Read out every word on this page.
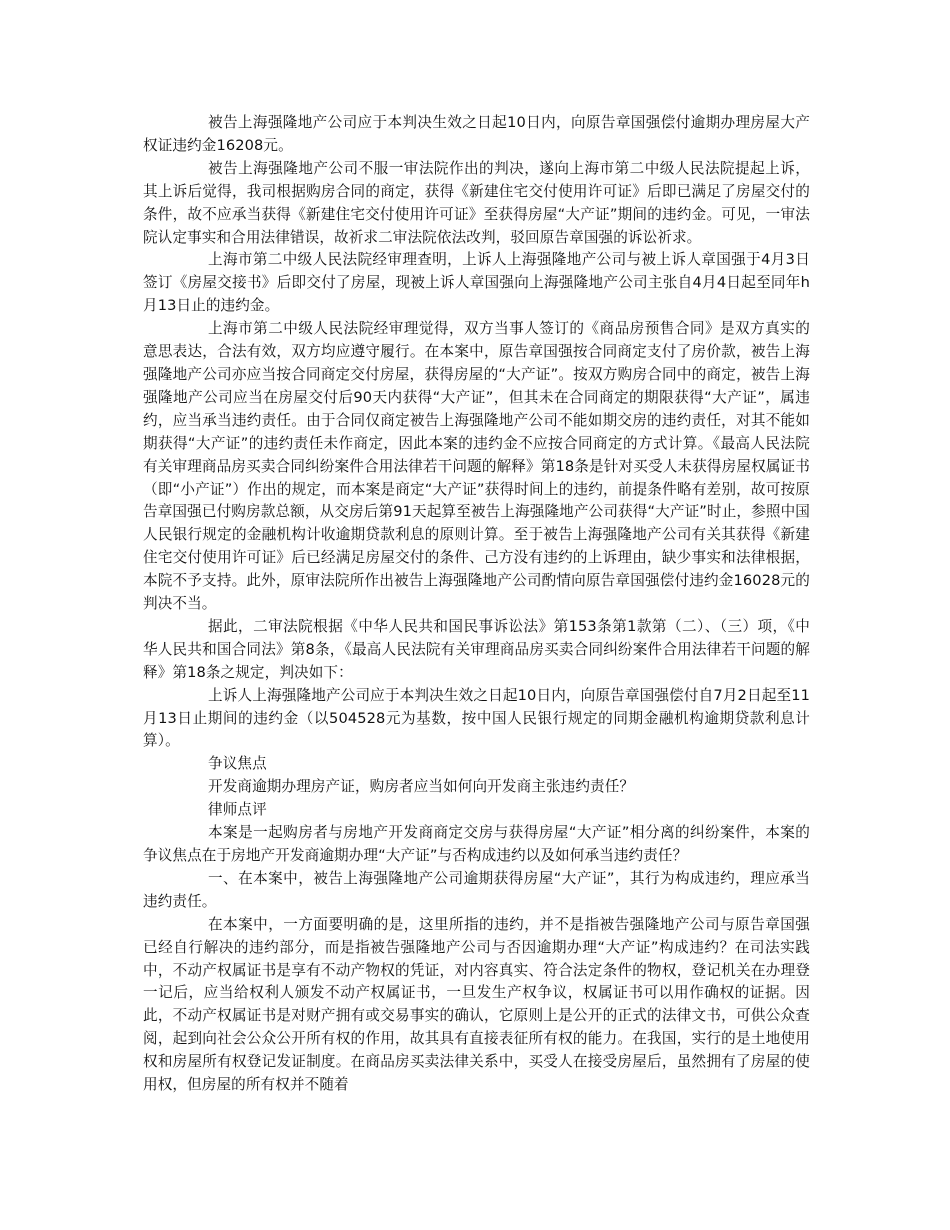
被告上海强隆地产公司应于本判决生效之日起10日内，向原告章国强偿付逾期办理房屋大产权证违约金16208元。

被告上海强隆地产公司不服一审法院作出的判决，遂向上海市第二中级人民法院提起上诉，其上诉后觉得，我司根据购房合同的商定，获得《新建住宅交付使用许可证》后即已满足了房屋交付的条件，故不应承当获得《新建住宅交付使用许可证》至获得房屋“大产证”期间的违约金。可见，一审法院认定事实和合用法律错误，故祈求二审法院依法改判，驳回原告章国强的诉讼祈求。

上海市第二中级人民法院经审理查明，上诉人上海强隆地产公司与被上诉人章国强于4月3日签订《房屋交接书》后即交付了房屋，现被上诉人章国强向上海强隆地产公司主张自4月4日起至同年h月13日止的违约金。

上海市第二中级人民法院经审理觉得，双方当事人签订的《商品房预售合同》是双方真实的意思表达，合法有效，双方均应遵守履行。在本案中，原告章国强按合同商定支付了房价款，被告上海强隆地产公司亦应当按合同商定交付房屋，获得房屋的“大产证”。按双方购房合同中的商定，被告上海强隆地产公司应当在房屋交付后90天内获得“大产证”，但其未在合同商定的期限获得“大产证”，属违约，应当承当违约责任。由于合同仅商定被告上海强隆地产公司不能如期交房的违约责任，对其不能如期获得“大产证”的违约责任未作商定，因此本案的违约金不应按合同商定的方式计算。《最高人民法院有关审理商品房买卖合同纠纷案件合用法律若干问题的解释》第18条是针对买受人未获得房屋权属证书（即“小产证”）作出的规定，而本案是商定“大产证”获得时间上的违约，前提条件略有差别，故可按原告章国强已付购房款总额，从交房后第91天起算至被告上海强隆地产公司获得“大产证”时止，参照中国人民银行规定的金融机构计收逾期贷款利息的原则计算。至于被告上海强隆地产公司有关其获得《新建住宅交付使用许可证》后已经满足房屋交付的条件、己方没有违约的上诉理由，缺少事实和法律根据，本院不予支持。此外，原审法院所作出被告上海强隆地产公司酌情向原告章国强偿付违约金16028元的判决不当。

据此，二审法院根据《中华人民共和国民事诉讼法》第153条第1款第（二）、（三）项，《中华人民共和国合同法》第8条，《最高人民法院有关审理商品房买卖合同纠纷案件合用法律若干问题的解释》第18条之规定，判决如下：

上诉人上海强隆地产公司应于本判决生效之日起10日内，向原告章国强偿付自7月2日起至11月13日止期间的违约金（以504528元为基数，按中国人民银行规定的同期金融机构逾期贷款利息计算）。

争议焦点

开发商逾期办理房产证，购房者应当如何向开发商主张违约责任？

律师点评

本案是一起购房者与房地产开发商商定交房与获得房屋“大产证”相分离的纠纷案件，本案的争议焦点在于房地产开发商逾期办理“大产证”与否构成违约以及如何承当违约责任？

一、在本案中，被告上海强隆地产公司逾期获得房屋“大产证”，其行为构成违约，理应承当违约责任。

在本案中，一方面要明确的是，这里所指的违约，并不是指被告强隆地产公司与原告章国强已经自行解决的违约部分，而是指被告强隆地产公司与否因逾期办理“大产证”构成违约？在司法实践中，不动产权属证书是享有不动产物权的凭证，对内容真实、符合法定条件的物权，登记机关在办理登一记后，应当给权利人颁发不动产权属证书，一旦发生产权争议，权属证书可以用作确权的证据。因此，不动产权属证书是对财产拥有或交易事实的确认，它原则上是公开的正式的法律文书，可供公众查阅，起到向社会公众公开所有权的作用，故其具有直接表征所有权的能力。在我国，实行的是土地使用权和房屋所有权登记发证制度。在商品房买卖法律关系中，买受人在接受房屋后，虽然拥有了房屋的使用权，但房屋的所有权并不随着
